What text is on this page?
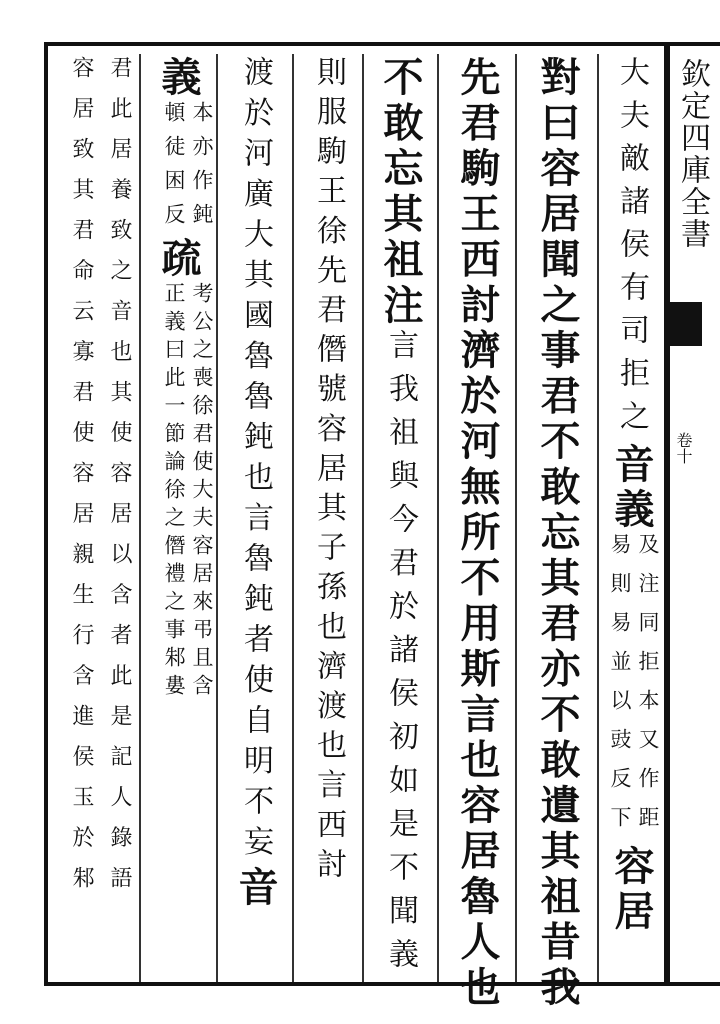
欽定四庫全書
卷十
大夫敵諸侯有司拒之
音義
易則易並以豉反下 及注同拒本又作距
容居
對曰容居聞之事君不敢忘其君亦不敢遺其祖昔我
先君駒王西討濟於河無所不用斯言也容居魯人也
不敢忘其祖
注
言我祖與今君於諸侯初如是不聞義
則服駒王徐先君僭號容居其子孫也濟渡也言西討
渡於河廣大其國魯魯鈍也言魯鈍者使自明不妄
音
義
頓徒困反 本亦作鈍
疏
正義曰此一節論徐之僭禮之事邾婁 考公之喪徐君使大夫容居來弔且含
容居致其君命云寡君使容居親生行含進侯玉於邾 君此居養致之音也其使容居以含者此是記人錄語
